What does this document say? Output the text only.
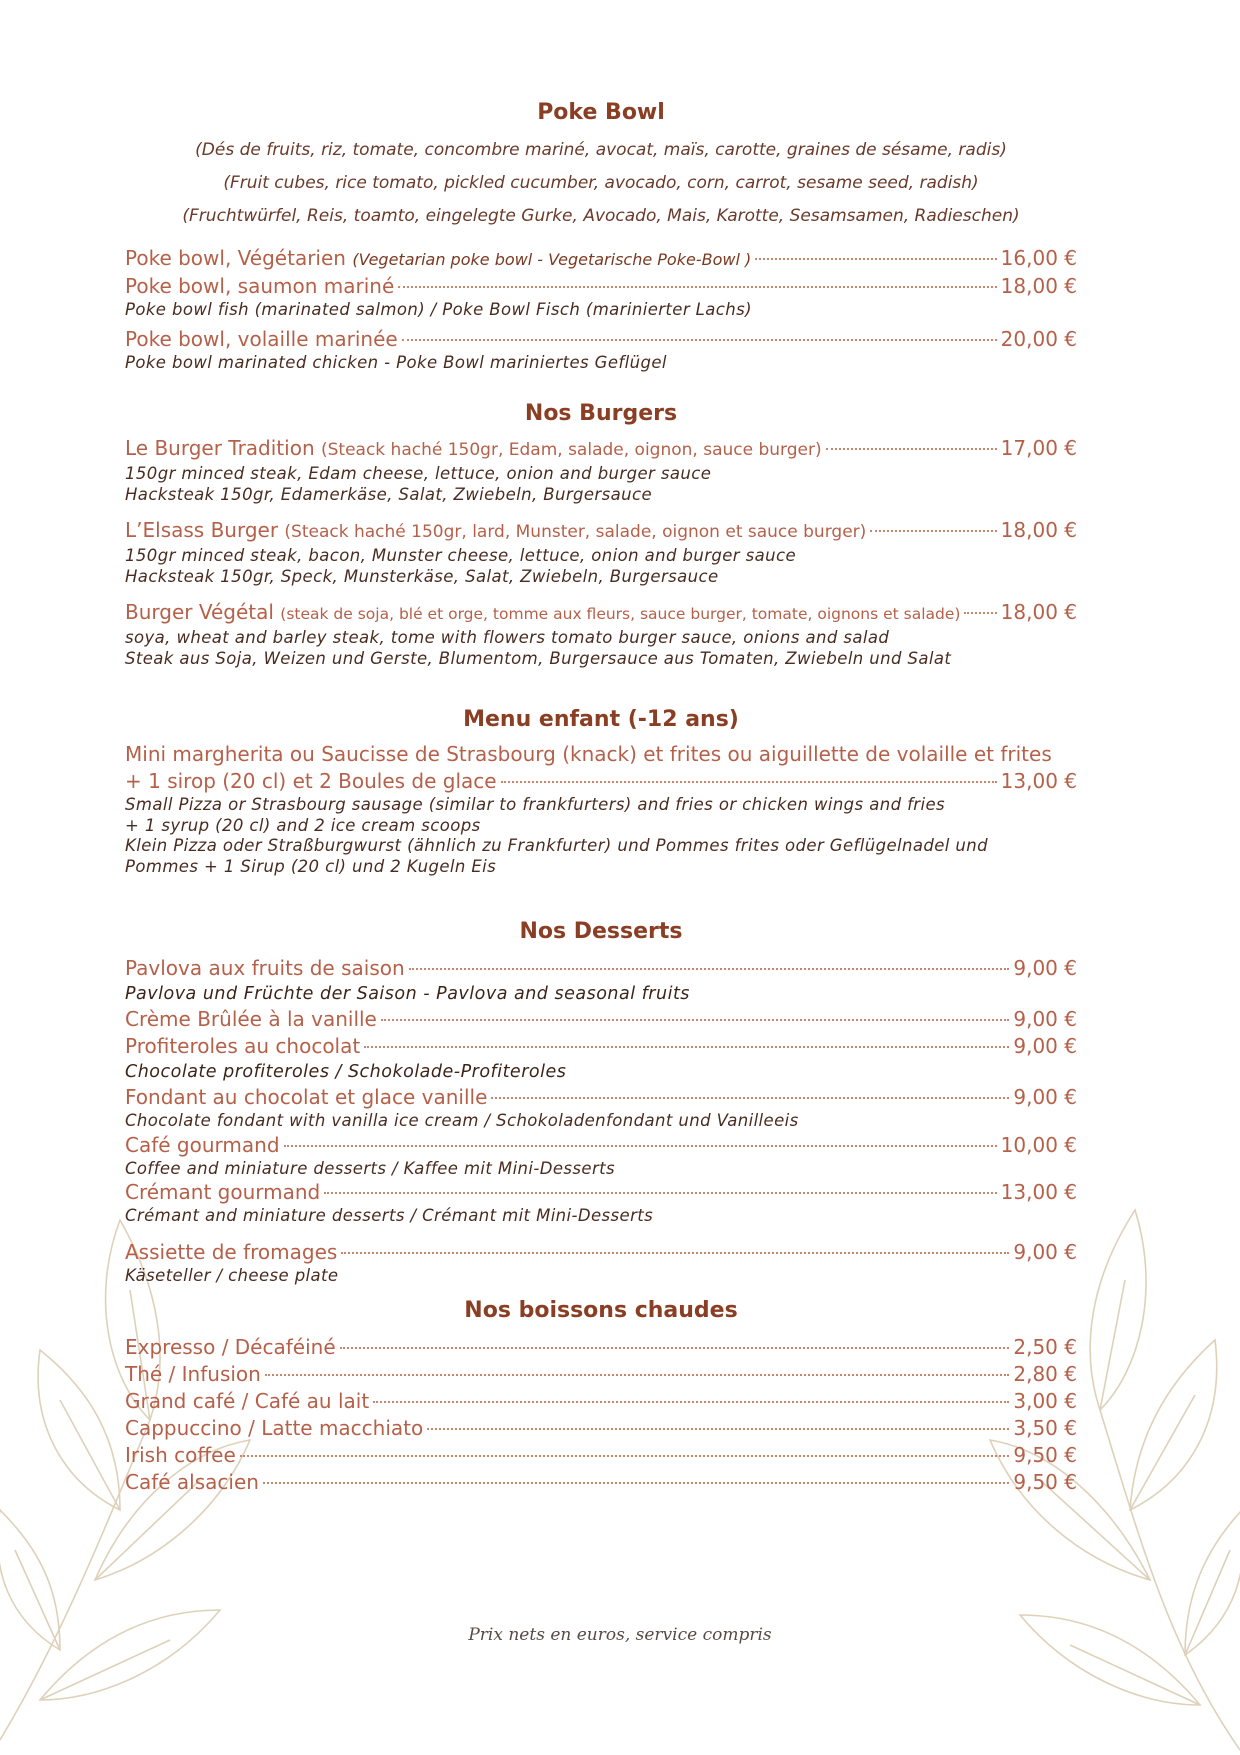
Poke Bowl

(Dés de fruits, riz, tomate, concombre mariné, avocat, maïs, carotte, graines de sésame, radis)

(Fruit cubes, rice tomato, pickled cucumber, avocado, corn, carrot, sesame seed, radish)

(Fruchtwürfel, Reis, toamto, eingelegte Gurke, Avocado, Mais, Karotte, Sesamsamen, Radieschen)

Poke bowl, Végétarien (Vegetarian poke bowl - Vegetarische Poke-Bowl )	16,00 €
Poke bowl, saumon mariné	18,00 €
Poke bowl fish (marinated salmon) / Poke Bowl Fisch (marinierter Lachs)
Poke bowl, volaille marinée	20,00 €
Poke bowl marinated chicken - Poke Bowl mariniertes Geflügel
Nos Burgers
Le Burger Tradition (Steack haché 150gr, Edam, salade, oignon, sauce burger)	17,00 €
150gr minced steak, Edam cheese, lettuce, onion and burger sauce
Hacksteak 150gr, Edamerkäse, Salat, Zwiebeln, Burgersauce
L’Elsass Burger (Steack haché 150gr, lard, Munster, salade, oignon et sauce burger)	18,00 €
150gr minced steak, bacon, Munster cheese, lettuce, onion and burger sauce
Hacksteak 150gr, Speck, Munsterkäse, Salat, Zwiebeln, Burgersauce
Burger Végétal (steak de soja, blé et orge, tomme aux fleurs, sauce burger, tomate, oignons et salade) 18,00 €
soya, wheat and barley steak, tome with flowers tomato burger sauce, onions and salad
Steak aus Soja, Weizen und Gerste, Blumentom, Burgersauce aus Tomaten, Zwiebeln und Salat
Menu enfant (-12 ans)
Mini margherita ou Saucisse de Strasbourg (knack) et frites ou aiguillette de volaille et frites
+ 1 sirop (20 cl) et 2 Boules de glace	13,00 €
Small Pizza or Strasbourg sausage (similar to frankfurters) and fries or chicken wings and fries
+ 1 syrup (20 cl) and 2 ice cream scoops
Klein Pizza oder Straßburgwurst (ähnlich zu Frankfurter) und Pommes frites oder Geflügelnadel und
Pommes + 1 Sirup (20 cl) und 2 Kugeln Eis
Nos Desserts
Pavlova aux fruits de saison	9,00 €
Pavlova und Früchte der Saison - Pavlova and seasonal fruits
Crème Brûlée à la vanille	9,00 €
Profiteroles au chocolat	9,00 €
Chocolate profiteroles / Schokolade-Profiteroles
Fondant au chocolat et glace vanille	9,00 €
Chocolate fondant with vanilla ice cream / Schokoladenfondant und Vanilleeis
Café gourmand	10,00 €
Coffee and miniature desserts / Kaffee mit Mini-Desserts
Crémant gourmand	13,00 €
Crémant and miniature desserts / Crémant mit Mini-Desserts
Assiette de fromages	9,00 €
Käseteller / cheese plate
Nos boissons chaudes
Expresso / Décaféiné	2,50 €
Thé / Infusion	2,80 €
Grand café / Café au lait	3,00 €
Cappuccino / Latte macchiato	3,50 €
Irish coffee	9,50 €
Café alsacien	9,50 €
Prix nets en euros, service compris
